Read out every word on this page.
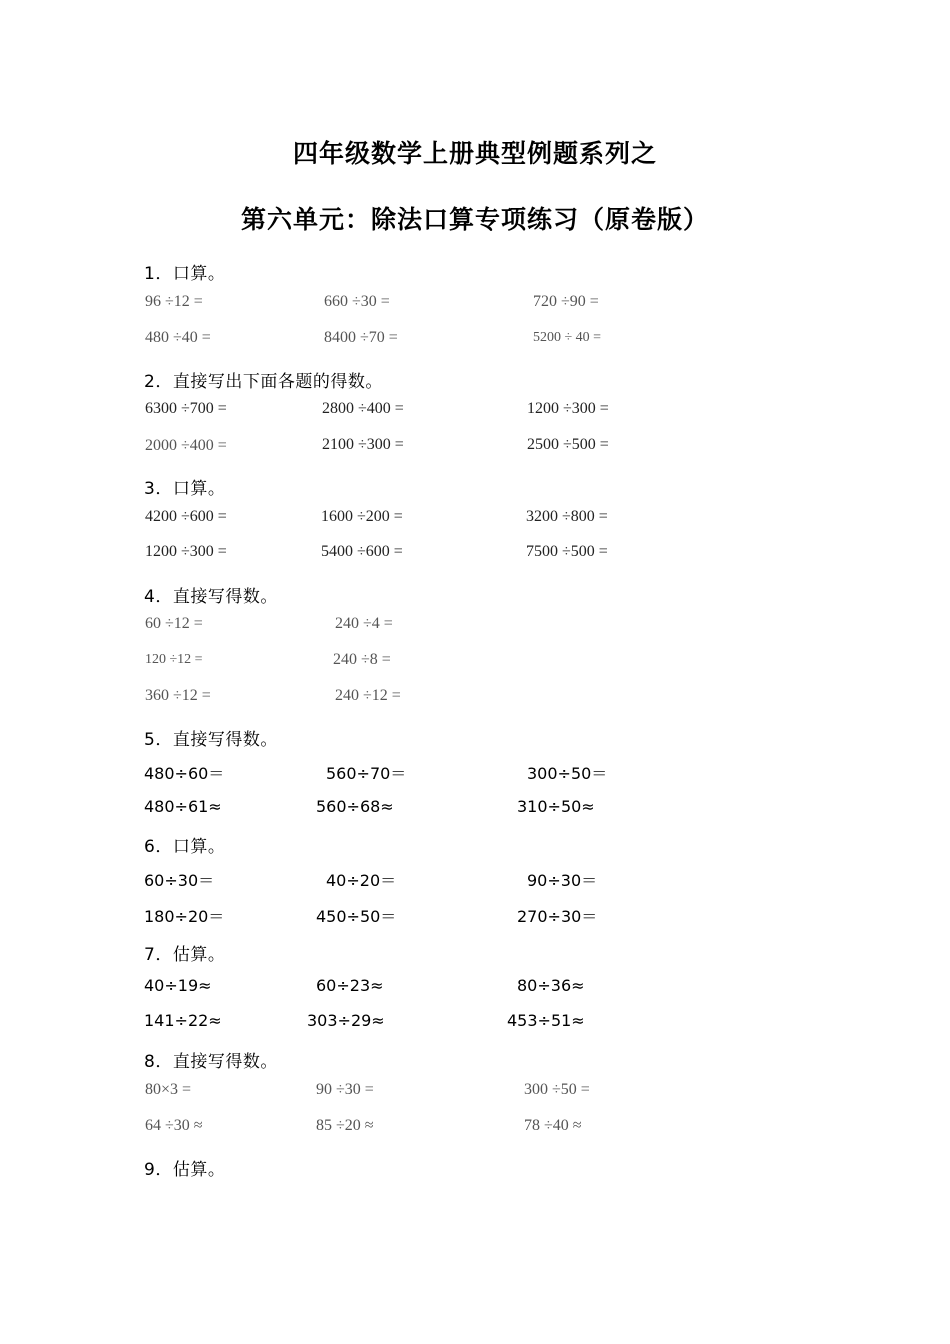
四年级数学上册典型例题系列之
第六单元：除法口算专项练习（原卷版）
1．口算。
96 ÷12 =	660 ÷30 =	720 ÷90 =
480 ÷40 =	8400 ÷70 =	5200 ÷ 40 =
2．直接写出下面各题的得数。
6300 ÷700 =	2800 ÷400 =	1200 ÷300 =
2000 ÷400 =	2100 ÷300 =	2500 ÷500 =
3．口算。
4200 ÷600 =	1600 ÷200 =	3200 ÷800 =
1200 ÷300 =	5400 ÷600 =	7500 ÷500 =
4．直接写得数。
60 ÷12 =	240 ÷4 =
120 ÷12 =	240 ÷8 =
360 ÷12 =	240 ÷12 =
5．直接写得数。
480÷60＝	560÷70＝	300÷50＝
480÷61≈	560÷68≈	310÷50≈
6．口算。
60÷30＝	40÷20＝	90÷30＝
180÷20＝	450÷50＝	270÷30＝
7．估算。
40÷19≈	60÷23≈	80÷36≈
141÷22≈	303÷29≈	453÷51≈
8．直接写得数。
80×3 =	90 ÷30 =	300 ÷50 =
64 ÷30 ≈	85 ÷20 ≈	78 ÷40 ≈
9．估算。
